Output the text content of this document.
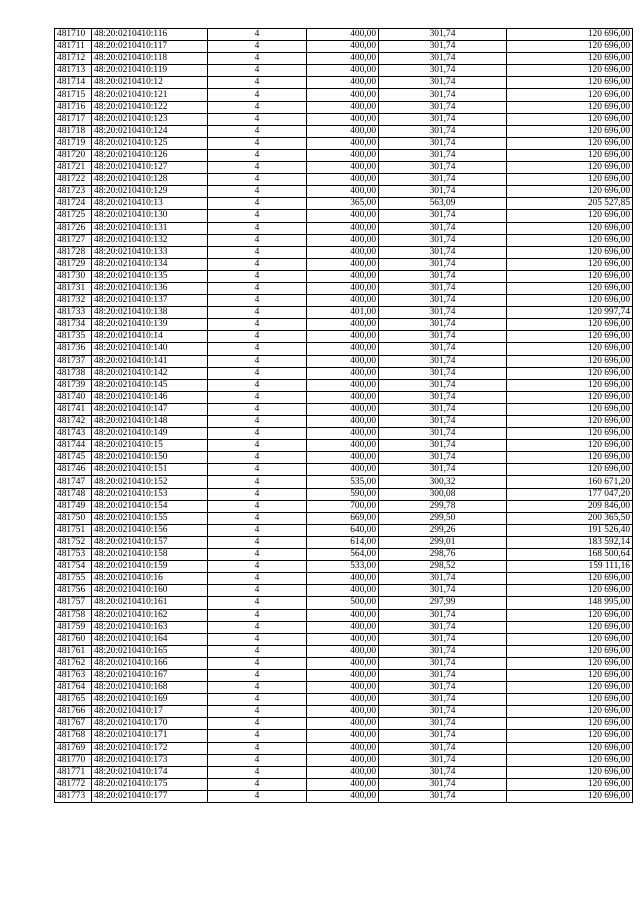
481710	48:20:0210410:116	4	400,00	301,74	120 696,00
481711	48:20:0210410:117	4	400,00	301,74	120 696,00
481712	48:20:0210410:118	4	400,00	301,74	120 696,00
481713	48:20:0210410:119	4	400,00	301,74	120 696,00
481714	48:20:0210410:12	4	400,00	301,74	120 696,00
481715	48:20:0210410:121	4	400,00	301,74	120 696,00
481716	48:20:0210410:122	4	400,00	301,74	120 696,00
481717	48:20:0210410:123	4	400,00	301,74	120 696,00
481718	48:20:0210410:124	4	400,00	301,74	120 696,00
481719	48:20:0210410:125	4	400,00	301,74	120 696,00
481720	48:20:0210410:126	4	400,00	301,74	120 696,00
481721	48:20:0210410:127	4	400,00	301,74	120 696,00
481722	48:20:0210410:128	4	400,00	301,74	120 696,00
481723	48:20:0210410:129	4	400,00	301,74	120 696,00
481724	48:20:0210410:13	4	365,00	563,09	205 527,85
481725	48:20:0210410:130	4	400,00	301,74	120 696,00
481726	48:20:0210410:131	4	400,00	301,74	120 696,00
481727	48:20:0210410:132	4	400,00	301,74	120 696,00
481728	48:20:0210410:133	4	400,00	301,74	120 696,00
481729	48:20:0210410:134	4	400,00	301,74	120 696,00
481730	48:20:0210410:135	4	400,00	301,74	120 696,00
481731	48:20:0210410:136	4	400,00	301,74	120 696,00
481732	48:20:0210410:137	4	400,00	301,74	120 696,00
481733	48:20:0210410:138	4	401,00	301,74	120 997,74
481734	48:20:0210410:139	4	400,00	301,74	120 696,00
481735	48:20:0210410:14	4	400,00	301,74	120 696,00
481736	48:20:0210410:140	4	400,00	301,74	120 696,00
481737	48:20:0210410:141	4	400,00	301,74	120 696,00
481738	48:20:0210410:142	4	400,00	301,74	120 696,00
481739	48:20:0210410:145	4	400,00	301,74	120 696,00
481740	48:20:0210410:146	4	400,00	301,74	120 696,00
481741	48:20:0210410:147	4	400,00	301,74	120 696,00
481742	48:20:0210410:148	4	400,00	301,74	120 696,00
481743	48:20:0210410:149	4	400,00	301,74	120 696,00
481744	48:20:0210410:15	4	400,00	301,74	120 696,00
481745	48:20:0210410:150	4	400,00	301,74	120 696,00
481746	48:20:0210410:151	4	400,00	301,74	120 696,00
481747	48:20:0210410:152	4	535,00	300,32	160 671,20
481748	48:20:0210410:153	4	590,00	300,08	177 047,20
481749	48:20:0210410:154	4	700,00	299,78	209 846,00
481750	48:20:0210410:155	4	669,00	299,50	200 365,50
481751	48:20:0210410:156	4	640,00	299,26	191 526,40
481752	48:20:0210410:157	4	614,00	299,01	183 592,14
481753	48:20:0210410:158	4	564,00	298,76	168 500,64
481754	48:20:0210410:159	4	533,00	298,52	159 111,16
481755	48:20:0210410:16	4	400,00	301,74	120 696,00
481756	48:20:0210410:160	4	400,00	301,74	120 696,00
481757	48:20:0210410:161	4	500,00	297,99	148 995,00
481758	48:20:0210410:162	4	400,00	301,74	120 696,00
481759	48:20:0210410:163	4	400,00	301,74	120 696,00
481760	48:20:0210410:164	4	400,00	301,74	120 696,00
481761	48:20:0210410:165	4	400,00	301,74	120 696,00
481762	48:20:0210410:166	4	400,00	301,74	120 696,00
481763	48:20:0210410:167	4	400,00	301,74	120 696,00
481764	48:20:0210410:168	4	400,00	301,74	120 696,00
481765	48:20:0210410:169	4	400,00	301,74	120 696,00
481766	48:20:0210410:17	4	400,00	301,74	120 696,00
481767	48:20:0210410:170	4	400,00	301,74	120 696,00
481768	48:20:0210410:171	4	400,00	301,74	120 696,00
481769	48:20:0210410:172	4	400,00	301,74	120 696,00
481770	48:20:0210410:173	4	400,00	301,74	120 696,00
481771	48:20:0210410:174	4	400,00	301,74	120 696,00
481772	48:20:0210410:175	4	400,00	301,74	120 696,00
481773	48:20:0210410:177	4	400,00	301,74	120 696,00
